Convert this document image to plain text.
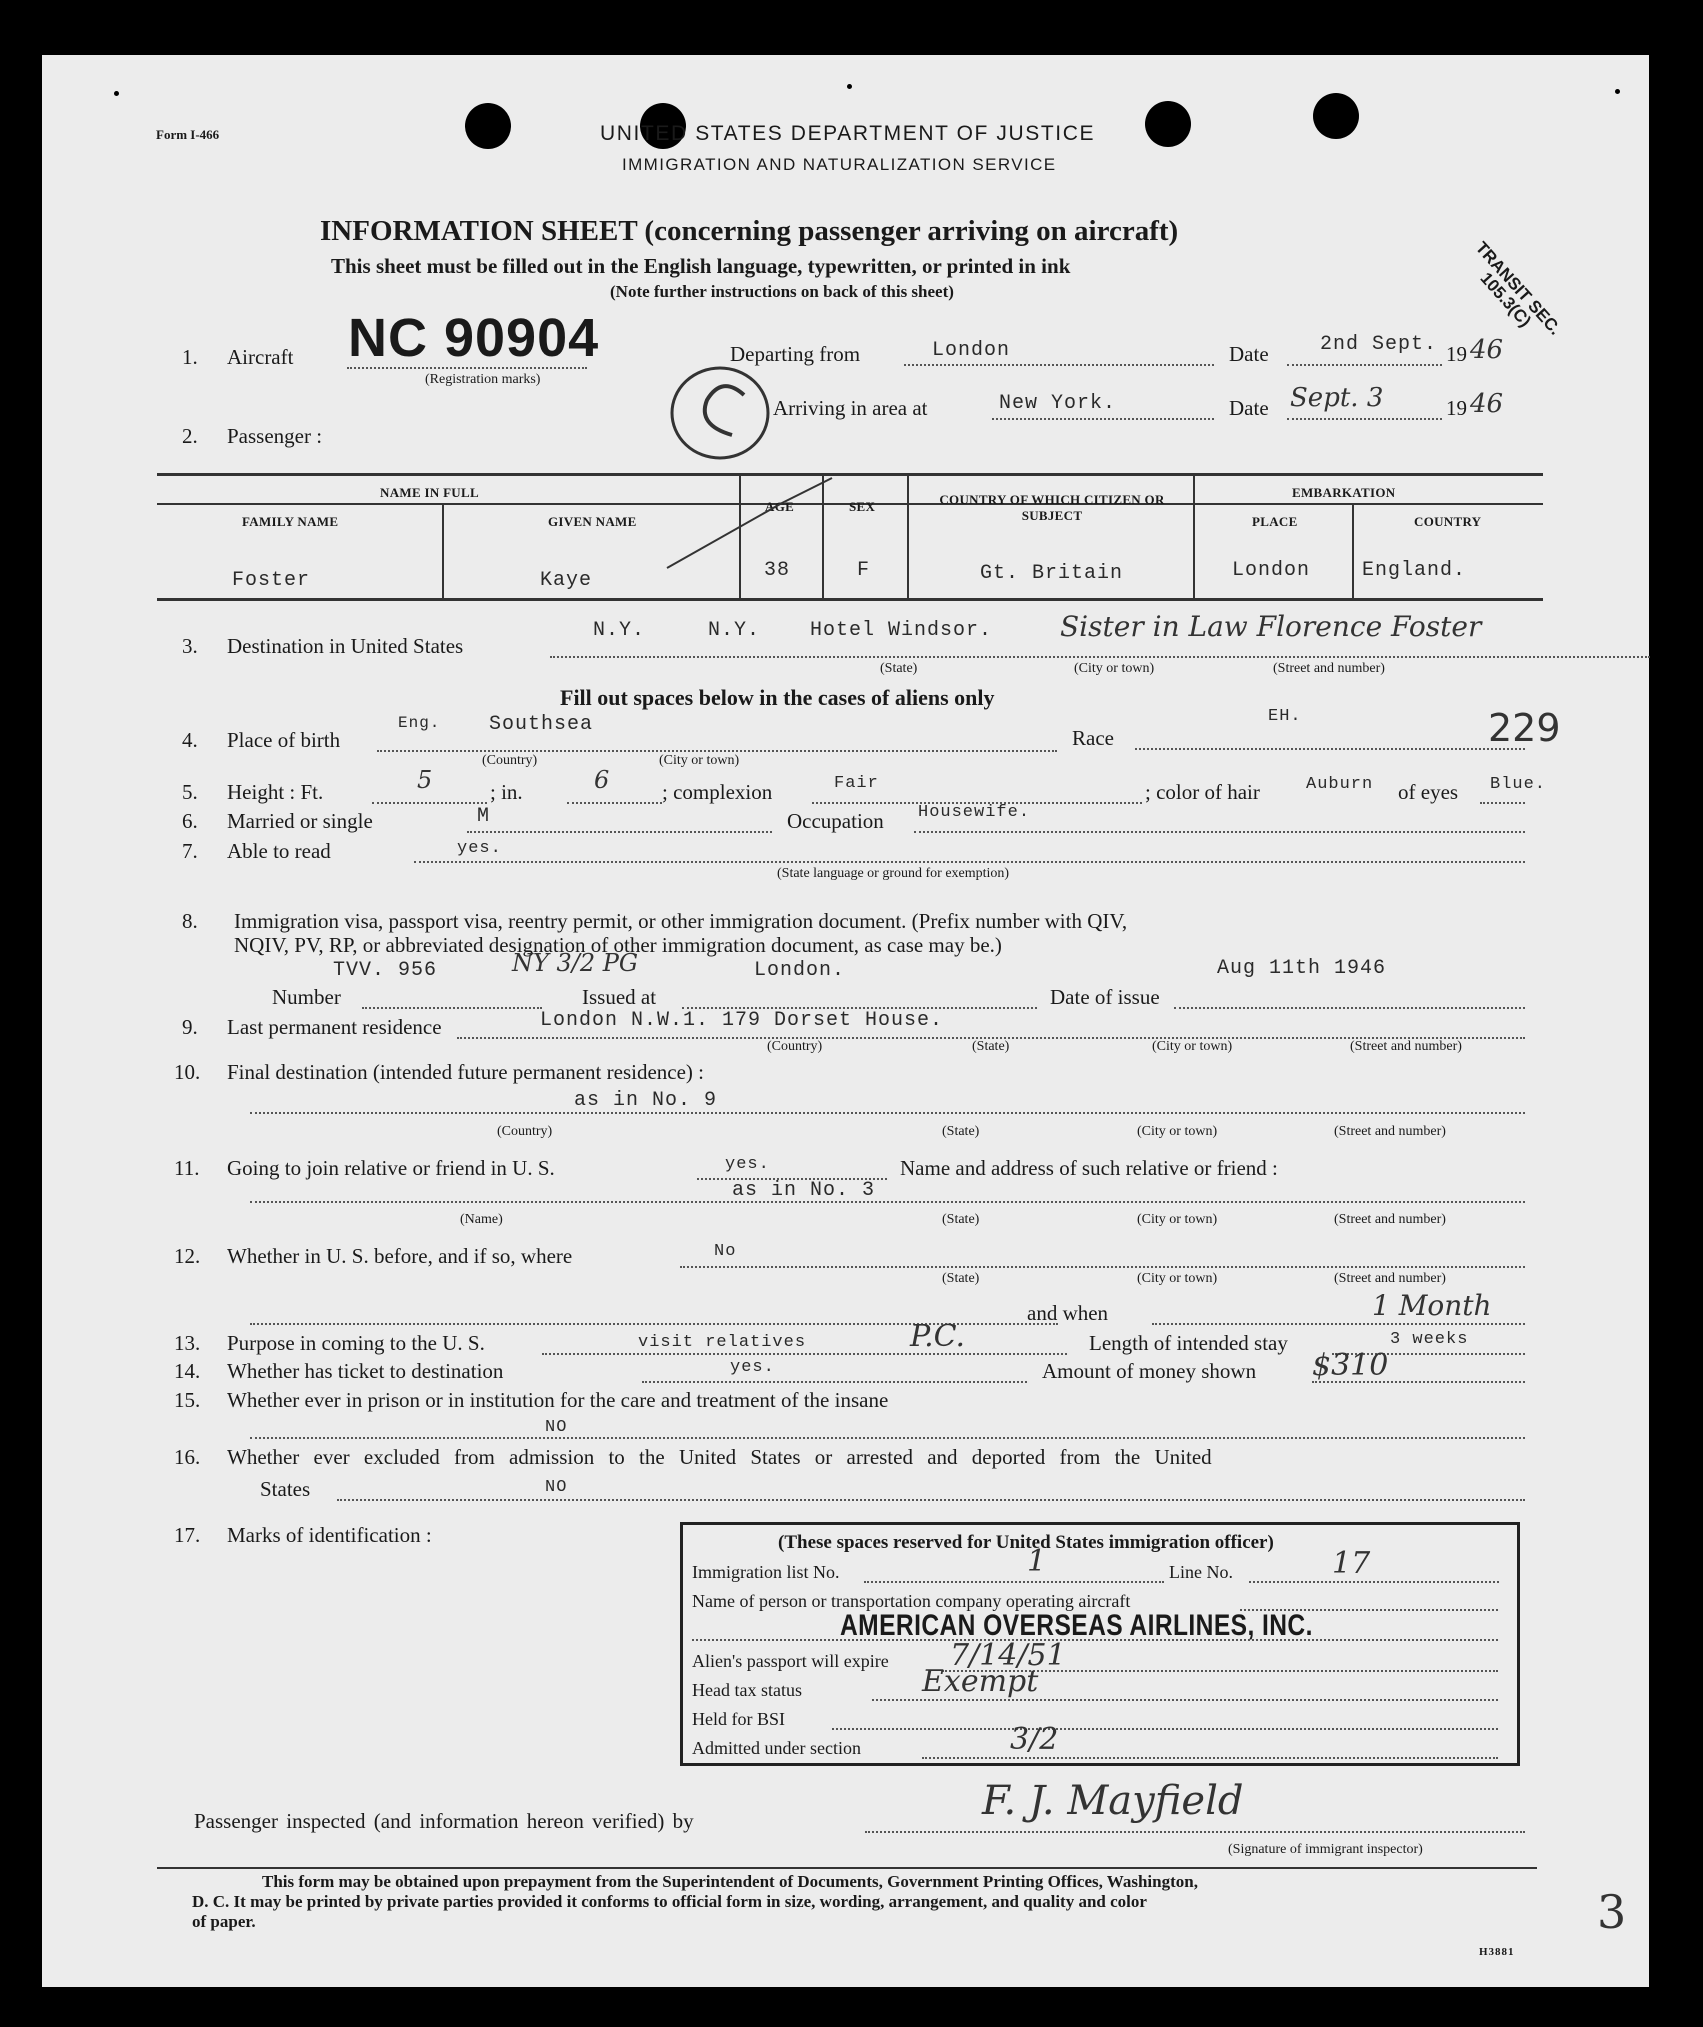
Form I-466	UNITED STATES DEPARTMENT OF JUSTICE
IMMIGRATION AND NATURALIZATION SERVICE
INFORMATION SHEET (concerning passenger arriving on aircraft)
This sheet must be filled out in the English language, typewritten, or printed in ink
(Note further instructions on back of this sheet)	TRANSIT SEC. 105.3(C)
1. Aircraft NC 90904
(Registration marks)
Departing from	London	Date	2nd Sept. 19 46
Arriving in area at	New York.	Date Sept. 3	19 46
2. Passenger :
NAME IN FULL
FAMILY NAME	GIVEN NAME
AGE	SEX	COUNTRY OF WHICH CITIZEN OR SUBJECT
EMBARKATION
PLACE	COUNTRY
Foster	Kaye	38	F	Gt. Britain	London	England.
3. Destination in United States
N.Y.	N.Y. Hotel Windsor. Sister in Law Florence Foster
(State)	(City or town)	(Street and number)
Fill out spaces below in the cases of aliens only
4. Place of birth
Eng. Southsea
(Country)	(City or town)
Race
EH.	229
5. Height : Ft.	5	; in.	6	; complexion	Fair	; color of hair	Auburn of eyes Blue.
6. Married or single	M	Occupation Housewife.
7. Able to read	yes.
(State language or ground for exemption)
8. Immigration visa, passport visa, reentry permit, or other immigration document. (Prefix number with QIV,
NQIV, PV, RP, or abbreviated designation of other immigration document, as case may be.)
TVV. 956	NY 3/2 PG	London.	Aug 11th 1946
Number	Issued at	Date of issue
9. Last permanent residence	London N.W.1. 179 Dorset House.
(Country)	(State)	(City or town)	(Street and number)
10. Final destination (intended future permanent residence) :
as in No. 9
(Country)	(State)	(City or town)	(Street and number)
11. Going to join relative or friend in U. S.	yes.	Name and address of such relative or friend :
as in No. 3
(Name)	(State)	(City or town)	(Street and number)
12. Whether in U. S. before, and if so, where	No
(State)	(City or town)	(Street and number)
and when	1 Month
13. Purpose in coming to the U. S.	visit relatives	P.C.	Length of intended stay	3 weeks
14. Whether has ticket to destination	yes.	Amount of money shown $310
15. Whether ever in prison or in institution for the care and treatment of the insane
NO
16. Whether ever excluded from admission to the United States or arrested and deported from the United
States	NO
17. Marks of identification :	(These spaces reserved for United States immigration officer)
Immigration list No.	1	Line No.	17
Name of person or transportation company operating aircraft
AMERICAN OVERSEAS AIRLINES, INC.
Alien's passport will expire 7/14/51
Head tax status	Exempt
Held for BSI
Admitted under section	3/2
Passenger inspected (and information hereon verified) by	F. J. Mayfield
(Signature of immigrant inspector)
This form may be obtained upon prepayment from the Superintendent of Documents, Government Printing Offices, Washington,
D. C. It may be printed by private parties provided it conforms to official form in size, wording, arrangement, and quality and color
of paper.
H3881
3
